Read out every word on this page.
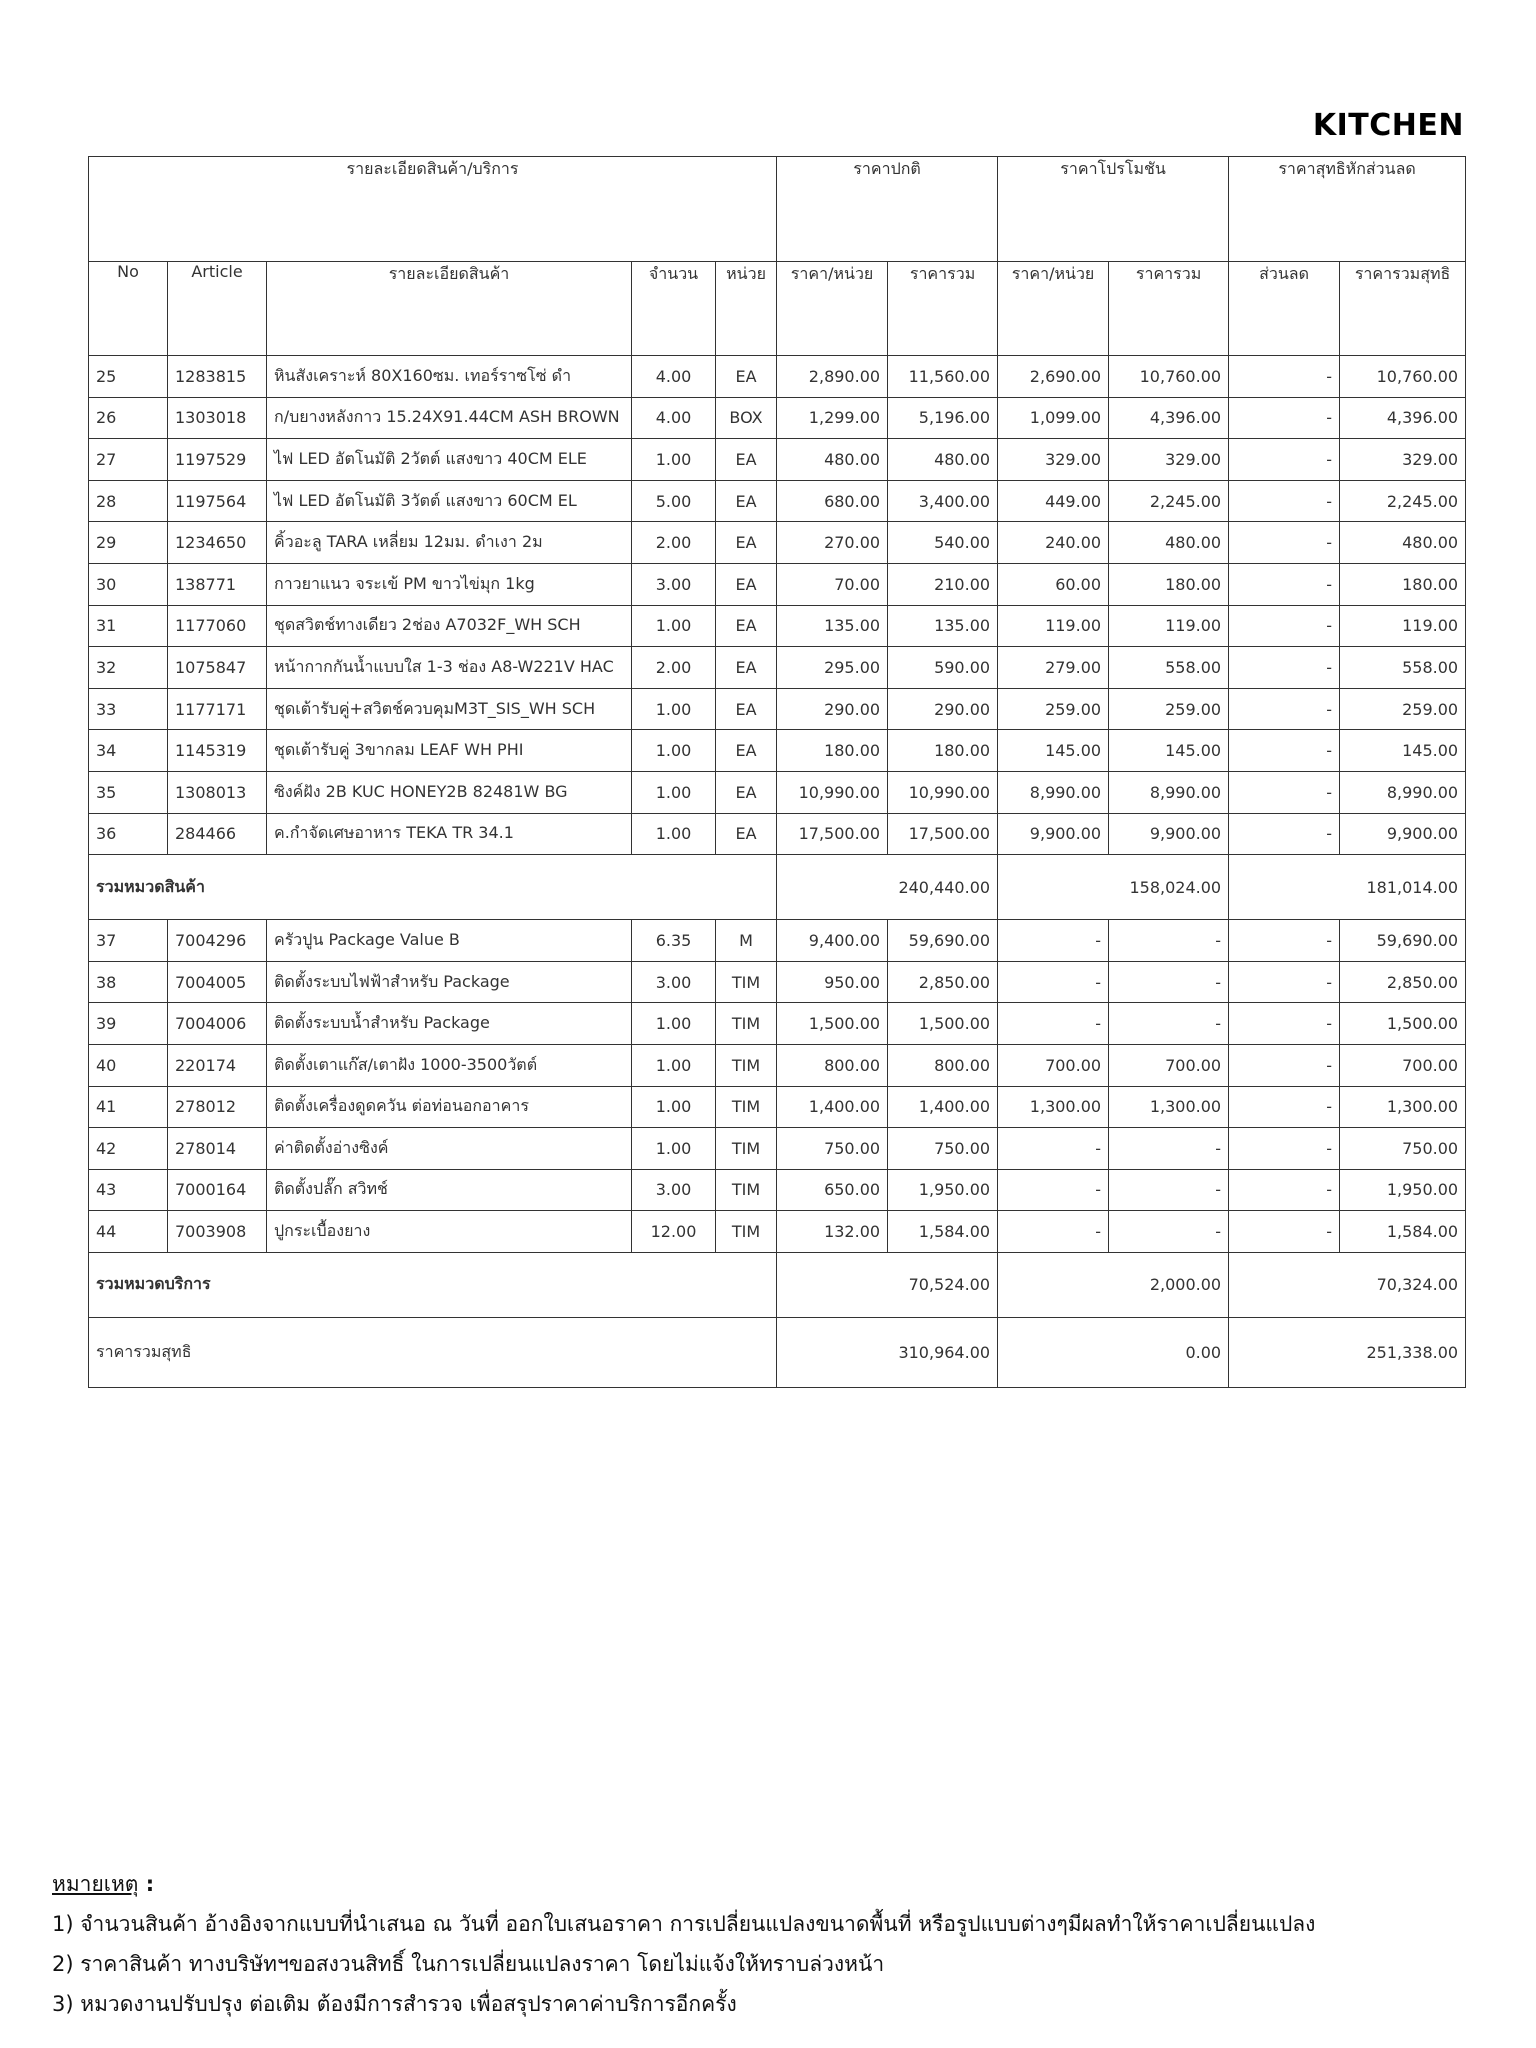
KITCHEN
รายละเอียดสินค้า/บริการ					ราคาปกติ		ราคาโปรโมชัน		ราคาสุทธิหักส่วนลด	
No	Article	รายละเอียดสินค้า	จำนวน	หน่วย	ราคา/หน่วย	ราคารวม	ราคา/หน่วย	ราคารวม	ส่วนลด	ราคารวมสุทธิ
25	1283815	หินสังเคราะห์ 80X160ซม. เทอร์ราซโซ่ ดำ	4.00	EA	2,890.00	11,560.00	2,690.00	10,760.00	-	10,760.00
26	1303018	ก/บยางหลังกาว 15.24X91.44CM ASH BROWN	4.00	BOX	1,299.00	5,196.00	1,099.00	4,396.00	-	4,396.00
27	1197529	ไฟ LED อัตโนมัติ 2วัตต์ แสงขาว 40CM ELE	1.00	EA	480.00	480.00	329.00	329.00	-	329.00
28	1197564	ไฟ LED อัตโนมัติ 3วัตต์ แสงขาว 60CM EL	5.00	EA	680.00	3,400.00	449.00	2,245.00	-	2,245.00
29	1234650	คิ้วอะลู TARA เหลี่ยม 12มม. ดำเงา 2ม	2.00	EA	270.00	540.00	240.00	480.00	-	480.00
30	138771	กาวยาแนว จระเข้ PM ขาวไข่มุก 1kg	3.00	EA	70.00	210.00	60.00	180.00	-	180.00
31	1177060	ชุดสวิตช์ทางเดียว 2ช่อง A7032F_WH SCH	1.00	EA	135.00	135.00	119.00	119.00	-	119.00
32	1075847	หน้ากากกันน้ำแบบใส 1-3 ช่อง A8-W221V HAC	2.00	EA	295.00	590.00	279.00	558.00	-	558.00
33	1177171	ชุดเต้ารับคู่+สวิตช์ควบคุมM3T_SIS_WH SCH	1.00	EA	290.00	290.00	259.00	259.00	-	259.00
34	1145319	ชุดเต้ารับคู่ 3ขากลม LEAF WH PHI	1.00	EA	180.00	180.00	145.00	145.00	-	145.00
35	1308013	ซิงค์ฝัง 2B KUC HONEY2B 82481W BG	1.00	EA	10,990.00	10,990.00	8,990.00	8,990.00	-	8,990.00
36	284466	ค.กำจัดเศษอาหาร TEKA TR 34.1	1.00	EA	17,500.00	17,500.00	9,900.00	9,900.00	-	9,900.00
รวมหมวดสินค้า					240,440.00		158,024.00		181,014.00	
37	7004296	ครัวปูน Package Value B	6.35	M	9,400.00	59,690.00	-	-	-	59,690.00
38	7004005	ติดตั้งระบบไฟฟ้าสำหรับ Package	3.00	TIM	950.00	2,850.00	-	-	-	2,850.00
39	7004006	ติดตั้งระบบน้ำสำหรับ Package	1.00	TIM	1,500.00	1,500.00	-	-	-	1,500.00
40	220174	ติดตั้งเตาแก๊ส/เตาฝัง 1000-3500วัตต์	1.00	TIM	800.00	800.00	700.00	700.00	-	700.00
41	278012	ติดตั้งเครื่องดูดควัน ต่อท่อนอกอาคาร	1.00	TIM	1,400.00	1,400.00	1,300.00	1,300.00	-	1,300.00
42	278014	ค่าติดตั้งอ่างซิงค์	1.00	TIM	750.00	750.00	-	-	-	750.00
43	7000164	ติดตั้งปลั๊ก สวิทช์	3.00	TIM	650.00	1,950.00	-	-	-	1,950.00
44	7003908	ปูกระเบื้องยาง	12.00	TIM	132.00	1,584.00	-	-	-	1,584.00
รวมหมวดบริการ					70,524.00		2,000.00		70,324.00	
ราคารวมสุทธิ					310,964.00		0.00		251,338.00	
หมายเหตุ :
1) จำนวนสินค้า อ้างอิงจากแบบที่นำเสนอ ณ วันที่ ออกใบเสนอราคา การเปลี่ยนแปลงขนาดพื้นที่ หรือรูปแบบต่างๆมีผลทำให้ราคาเปลี่ยนแปลง
2) ราคาสินค้า ทางบริษัทฯขอสงวนสิทธิ์ ในการเปลี่ยนแปลงราคา โดยไม่แจ้งให้ทราบล่วงหน้า
3) หมวดงานปรับปรุง ต่อเติม ต้องมีการสำรวจ เพื่อสรุปราคาค่าบริการอีกครั้ง
